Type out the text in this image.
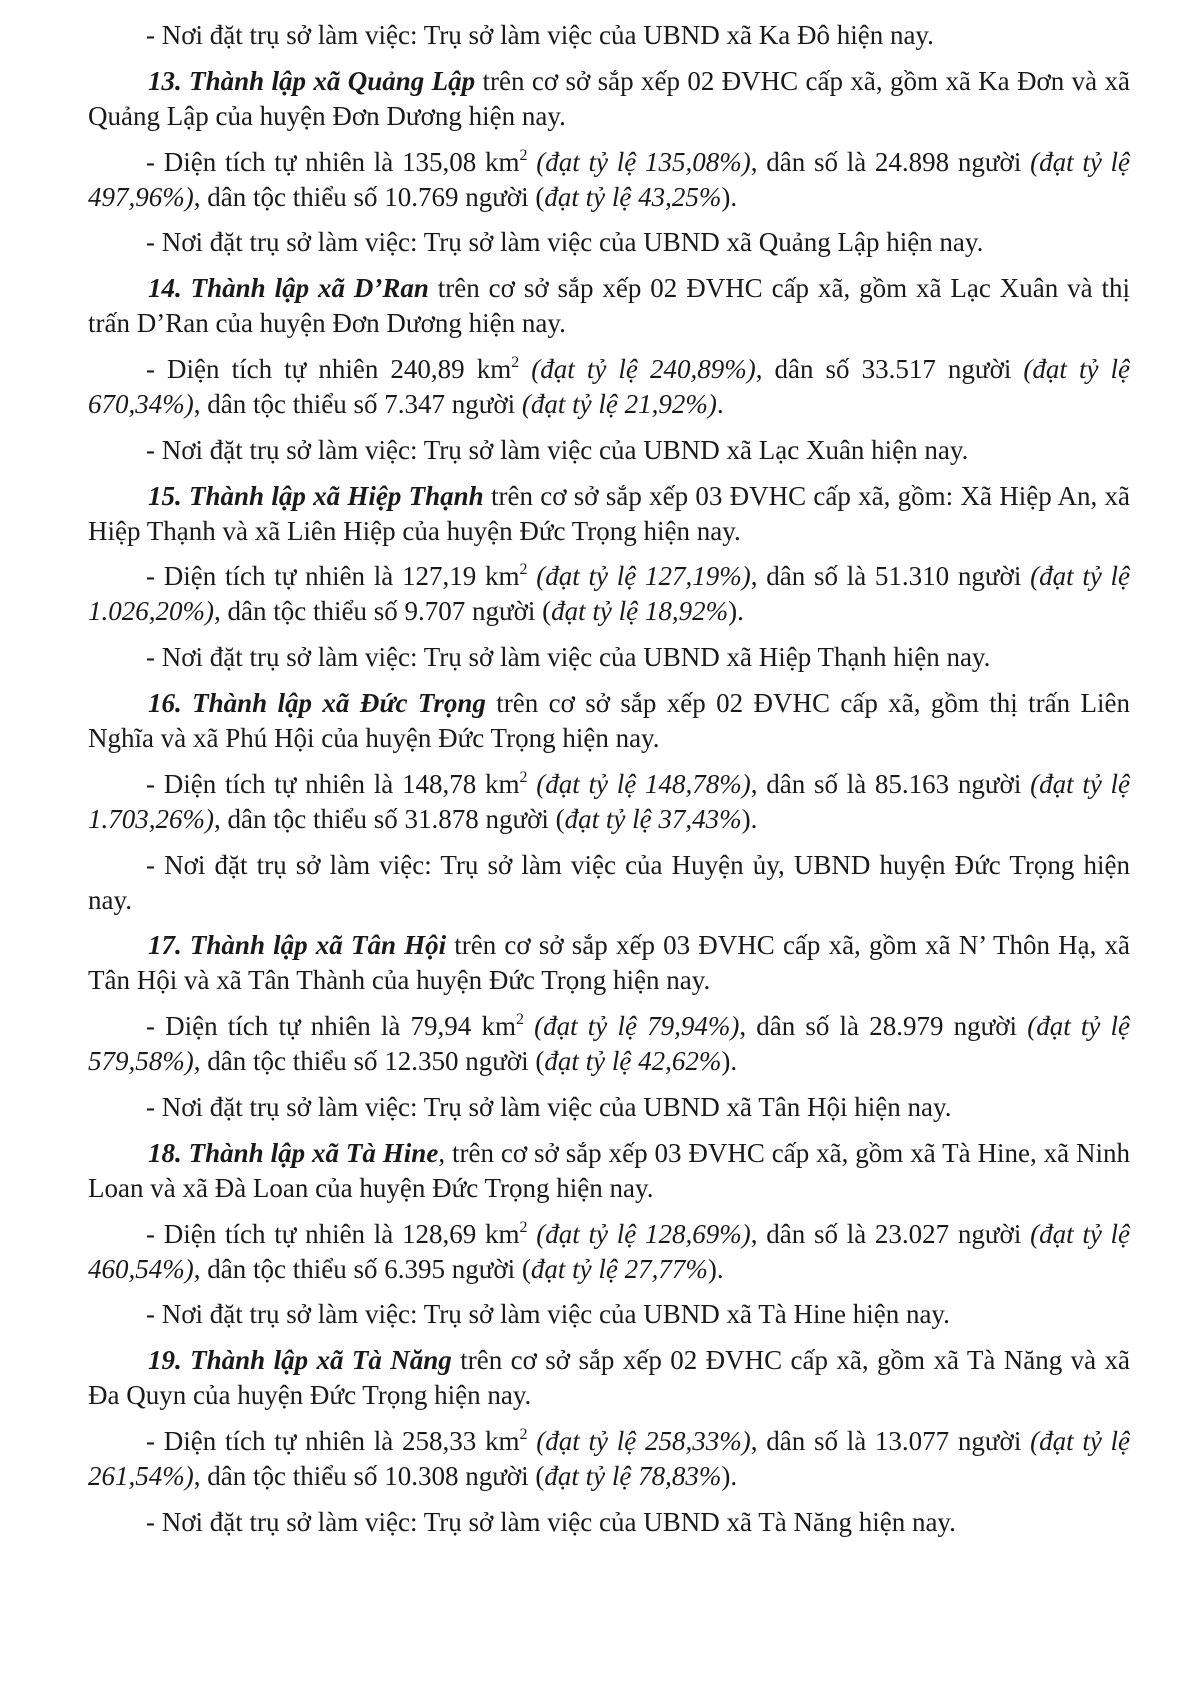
- Nơi đặt trụ sở làm việc: Trụ sở làm việc của UBND xã Ka Đô hiện nay.

13. Thành lập xã Quảng Lập trên cơ sở sắp xếp 02 ĐVHC cấp xã, gồm xã Ka Đơn và xã Quảng Lập của huyện Đơn Dương hiện nay.

- Diện tích tự nhiên là 135,08 $km^2$ (đạt tỷ lệ 135,08%), dân số là 24.898 người (đạt tỷ lệ 497,96%), dân tộc thiểu số 10.769 người (đạt tỷ lệ 43,25%).

- Nơi đặt trụ sở làm việc: Trụ sở làm việc của UBND xã Quảng Lập hiện nay.

14. Thành lập xã D’Ran trên cơ sở sắp xếp 02 ĐVHC cấp xã, gồm xã Lạc Xuân và thị trấn D’Ran của huyện Đơn Dương hiện nay.

- Diện tích tự nhiên 240,89 $km^2$ (đạt tỷ lệ 240,89%), dân số 33.517 người (đạt tỷ lệ 670,34%), dân tộc thiểu số 7.347 người (đạt tỷ lệ 21,92%).

- Nơi đặt trụ sở làm việc: Trụ sở làm việc của UBND xã Lạc Xuân hiện nay.

15. Thành lập xã Hiệp Thạnh trên cơ sở sắp xếp 03 ĐVHC cấp xã, gồm: Xã Hiệp An, xã Hiệp Thạnh và xã Liên Hiệp của huyện Đức Trọng hiện nay.

- Diện tích tự nhiên là 127,19 $km^2$ (đạt tỷ lệ 127,19%), dân số là 51.310 người (đạt tỷ lệ 1.026,20%), dân tộc thiểu số 9.707 người (đạt tỷ lệ 18,92%).

- Nơi đặt trụ sở làm việc: Trụ sở làm việc của UBND xã Hiệp Thạnh hiện nay.

16. Thành lập xã Đức Trọng trên cơ sở sắp xếp 02 ĐVHC cấp xã, gồm thị trấn Liên Nghĩa và xã Phú Hội của huyện Đức Trọng hiện nay.

- Diện tích tự nhiên là 148,78 $km^2$ (đạt tỷ lệ 148,78%), dân số là 85.163 người (đạt tỷ lệ 1.703,26%), dân tộc thiểu số 31.878 người (đạt tỷ lệ 37,43%).

- Nơi đặt trụ sở làm việc: Trụ sở làm việc của Huyện ủy, UBND huyện Đức Trọng hiện nay.

17. Thành lập xã Tân Hội trên cơ sở sắp xếp 03 ĐVHC cấp xã, gồm xã N’ Thôn Hạ, xã Tân Hội và xã Tân Thành của huyện Đức Trọng hiện nay.

- Diện tích tự nhiên là 79,94 $km^2$ (đạt tỷ lệ 79,94%), dân số là 28.979 người (đạt tỷ lệ 579,58%), dân tộc thiểu số 12.350 người (đạt tỷ lệ 42,62%).

- Nơi đặt trụ sở làm việc: Trụ sở làm việc của UBND xã Tân Hội hiện nay.

18. Thành lập xã Tà Hine, trên cơ sở sắp xếp 03 ĐVHC cấp xã, gồm xã Tà Hine, xã Ninh Loan và xã Đà Loan của huyện Đức Trọng hiện nay.

- Diện tích tự nhiên là 128,69 $km^2$ (đạt tỷ lệ 128,69%), dân số là 23.027 người (đạt tỷ lệ 460,54%), dân tộc thiểu số 6.395 người (đạt tỷ lệ 27,77%).

- Nơi đặt trụ sở làm việc: Trụ sở làm việc của UBND xã Tà Hine hiện nay.

19. Thành lập xã Tà Năng trên cơ sở sắp xếp 02 ĐVHC cấp xã, gồm xã Tà Năng và xã Đa Quyn của huyện Đức Trọng hiện nay.

- Diện tích tự nhiên là 258,33 $km^2$ (đạt tỷ lệ 258,33%), dân số là 13.077 người (đạt tỷ lệ 261,54%), dân tộc thiểu số 10.308 người (đạt tỷ lệ 78,83%).

- Nơi đặt trụ sở làm việc: Trụ sở làm việc của UBND xã Tà Năng hiện nay.
